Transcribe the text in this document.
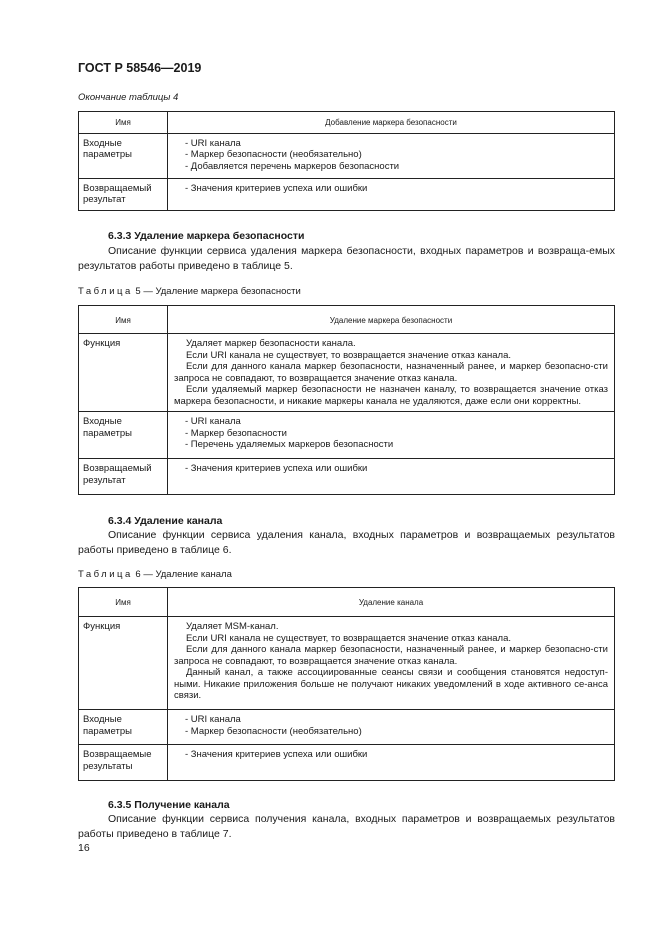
ГОСТ Р 58546—2019
Окончание таблицы 4
Имя	Добавление маркера безопасности
Входные параметры	- URI канала
- Маркер безопасности (необязательно)
- Добавляется перечень маркеров безопасности

Возвращаемый результат	- Значения критериев успеха или ошибки
6.3.3 Удаление маркера безопасности
Описание функции сервиса удаления маркера безопасности, входных параметров и возвраща-емых результатов работы приведено в таблице 5.
Таблица 5 — Удаление маркера безопасности
Имя	Удаление маркера безопасности
Функция	Удаляет маркер безопасности канала.
Если URI канала не существует, то возвращается значение отказ канала.
Если для данного канала маркер безопасности, назначенный ранее, и маркер безопасно-сти запроса не совпадают, то возвращается значение отказ канала.
Если удаляемый маркер безопасности не назначен каналу, то возвращается значение отказ маркера безопасности, и никакие маркеры канала не удаляются, даже если они корректны.

Входные параметры	- URI канала
- Маркер безопасности
- Перечень удаляемых маркеров безопасности

Возвращаемый результат	- Значения критериев успеха или ошибки
6.3.4 Удаление канала
Описание функции сервиса удаления канала, входных параметров и возвращаемых результатов работы приведено в таблице 6.
Таблица 6 — Удаление канала
Имя	Удаление канала
Функция	Удаляет MSM-канал.
Если URI канала не существует, то возвращается значение отказ канала.
Если для данного канала маркер безопасности, назначенный ранее, и маркер безопасно-сти запроса не совпадают, то возвращается значение отказ канала.
Данный канал, а также ассоциированные сеансы связи и сообщения становятся недоступ-ными. Никакие приложения больше не получают никаких уведомлений в ходе активного се-анса связи.

Входные параметры	- URI канала
- Маркер безопасности (необязательно)

Возвращаемые результаты	- Значения критериев успеха или ошибки
6.3.5 Получение канала
Описание функции сервиса получения канала, входных параметров и возвращаемых результатов работы приведено в таблице 7.
16
